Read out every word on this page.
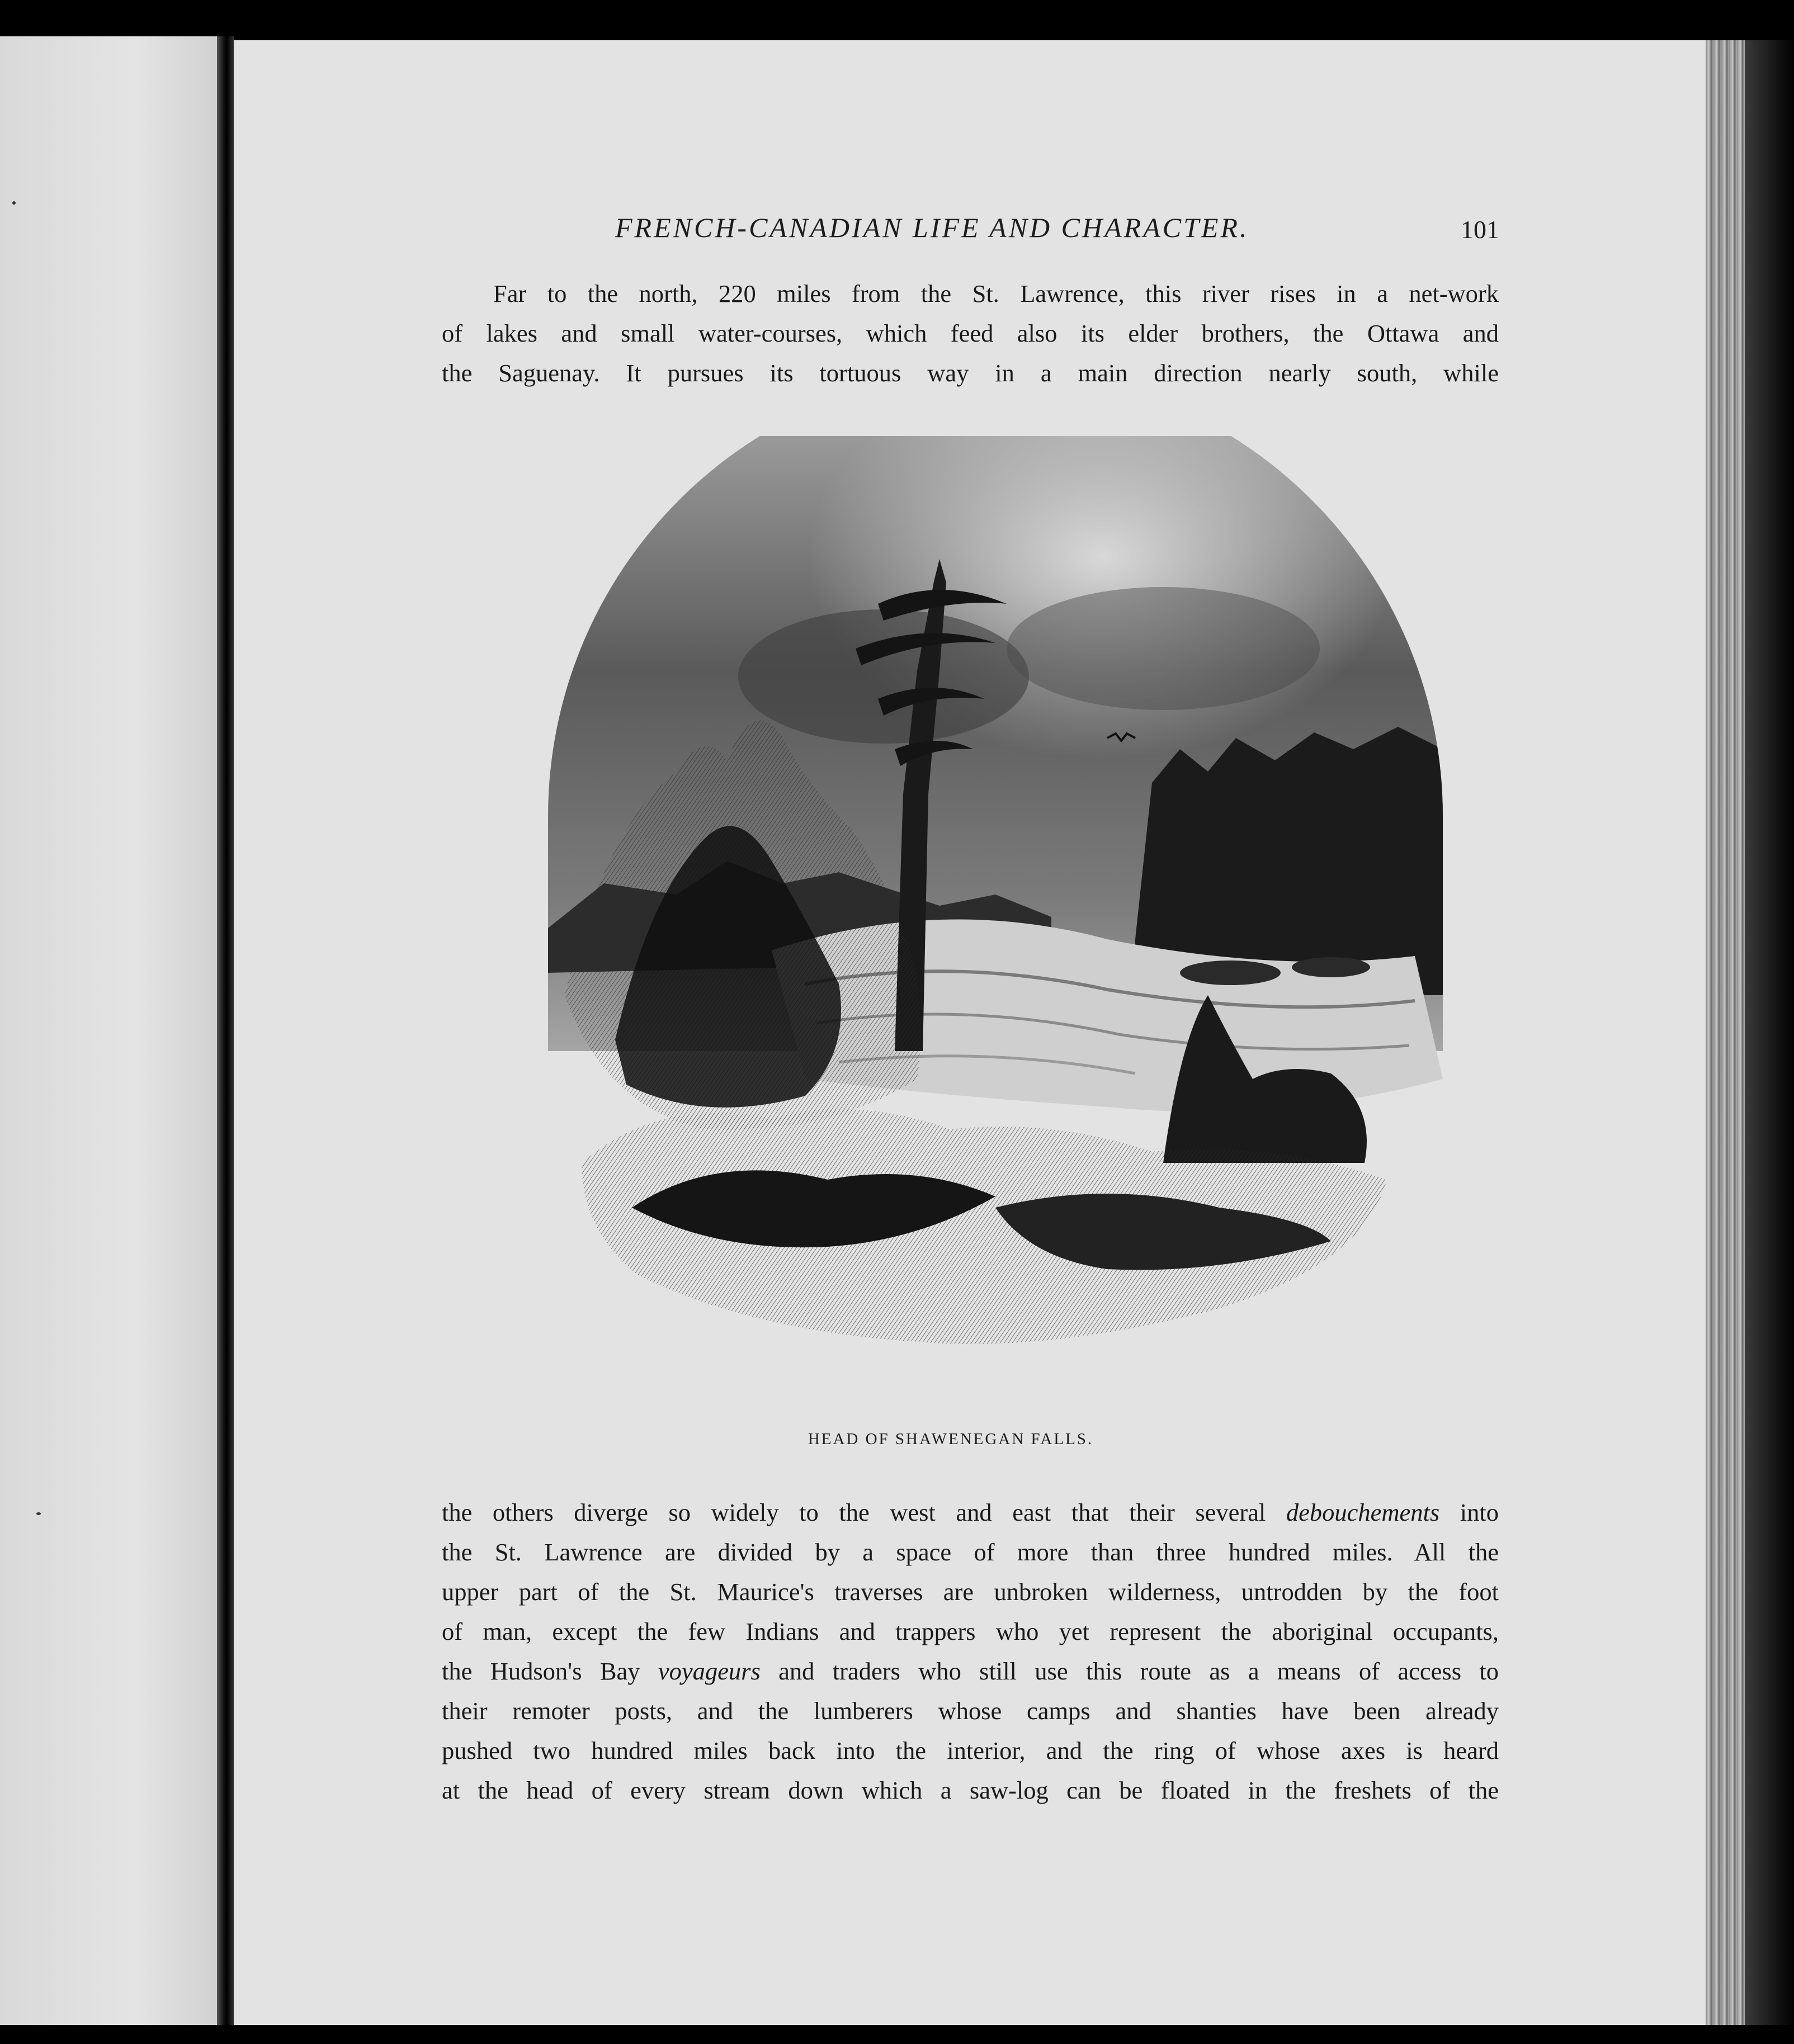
FRENCH-CANADIAN LIFE AND CHARACTER.	101
Far to the north, 220 miles from the St. Lawrence, this river rises in a net-work
of lakes and small water-courses, which feed also its elder brothers, the Ottawa and
the Saguenay. It pursues its tortuous way in a main direction nearly south, while
HEAD OF SHAWENEGAN FALLS.
the others diverge so widely to the west and east that their several debouchements into
the St. Lawrence are divided by a space of more than three hundred miles. All the
upper part of the St. Maurice's traverses are unbroken wilderness, untrodden by the foot
of man, except the few Indians and trappers who yet represent the aboriginal occupants,
the Hudson's Bay voyageurs and traders who still use this route as a means of access to
their remoter posts, and the lumberers whose camps and shanties have been already
pushed two hundred miles back into the interior, and the ring of whose axes is heard
at the head of every stream down which a saw-log can be floated in the freshets of the
